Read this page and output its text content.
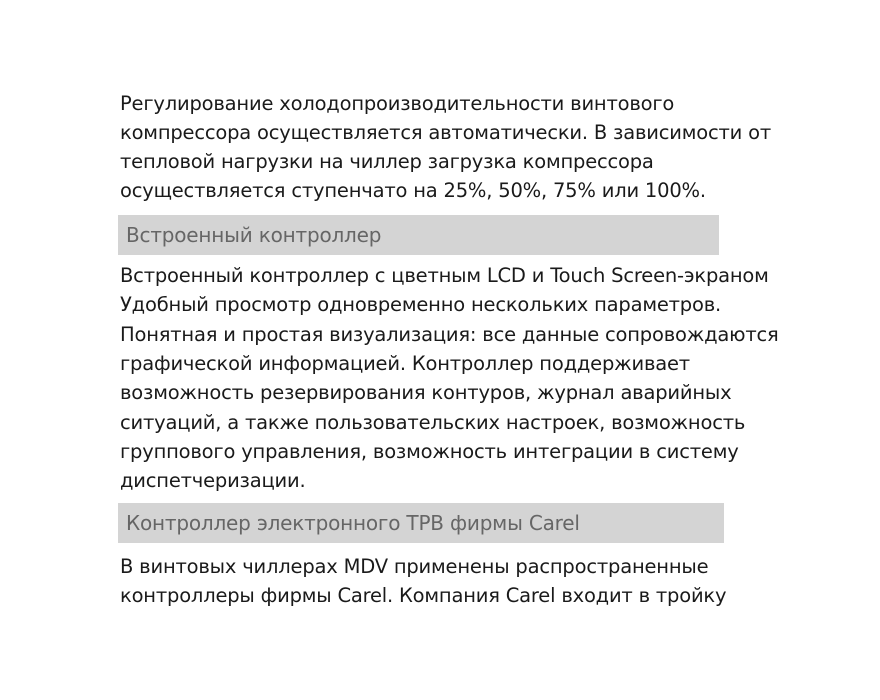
Регулирование холодопроизводительности винтового
компрессора осуществляется автоматически. В зависимости от
тепловой нагрузки на чиллер загрузка компрессора
осуществляется ступенчато на 25%, 50%, 75% или 100%.
Встроенный контроллер
Встроенный контроллер с цветным LCD и Touch Screen-экраном
Удобный просмотр одновременно нескольких параметров.
Понятная и простая визуализация: все данные сопровождаются
графической информацией. Контроллер поддерживает
возможность резервирования контуров, журнал аварийных
ситуаций, а также пользовательских настроек, возможность
группового управления, возможность интеграции в систему
диспетчеризации.
Контроллер электронного ТРВ фирмы Carel
В винтовых чиллерах MDV применены распространенные
контроллеры фирмы Carel. Компания Carel входит в тройку
